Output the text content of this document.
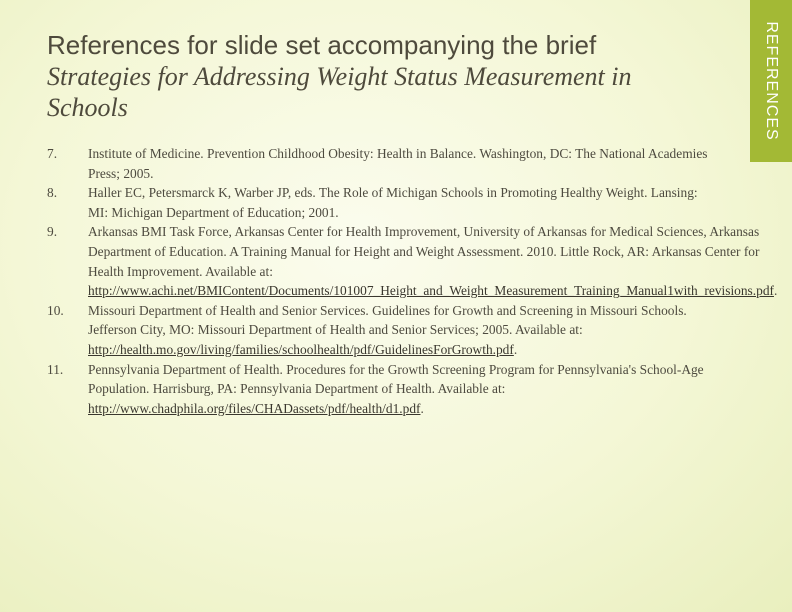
References for slide set accompanying the brief
Strategies for Addressing Weight Status Measurement in Schools	REFERENCES
7.	Institute of Medicine. Prevention Childhood Obesity: Health in Balance. Washington, DC: The National Academies Press; 2005.
8.	Haller EC, Petersmarck K, Warber JP, eds. The Role of Michigan Schools in Promoting Healthy Weight. Lansing: MI: Michigan Department of Education; 2001.
9.	Arkansas BMI Task Force, Arkansas Center for Health Improvement, University of Arkansas for Medical Sciences, Arkansas Department of Education. A Training Manual for Height and Weight Assessment. 2010. Little Rock, AR: Arkansas Center for Health Improvement. Available at: http://www.achi.net/BMIContent/Documents/101007_Height_and_Weight_Measurement_Training_Manual1with_revisions.pdf.
10.	Missouri Department of Health and Senior Services. Guidelines for Growth and Screening in Missouri Schools. Jefferson City, MO: Missouri Department of Health and Senior Services; 2005. Available at: http://health.mo.gov/living/families/schoolhealth/pdf/GuidelinesForGrowth.pdf.
11.	Pennsylvania Department of Health. Procedures for the Growth Screening Program for Pennsylvania's School-Age Population. Harrisburg, PA: Pennsylvania Department of Health. Available at: http://www.chadphila.org/files/CHADassets/pdf/health/d1.pdf.
